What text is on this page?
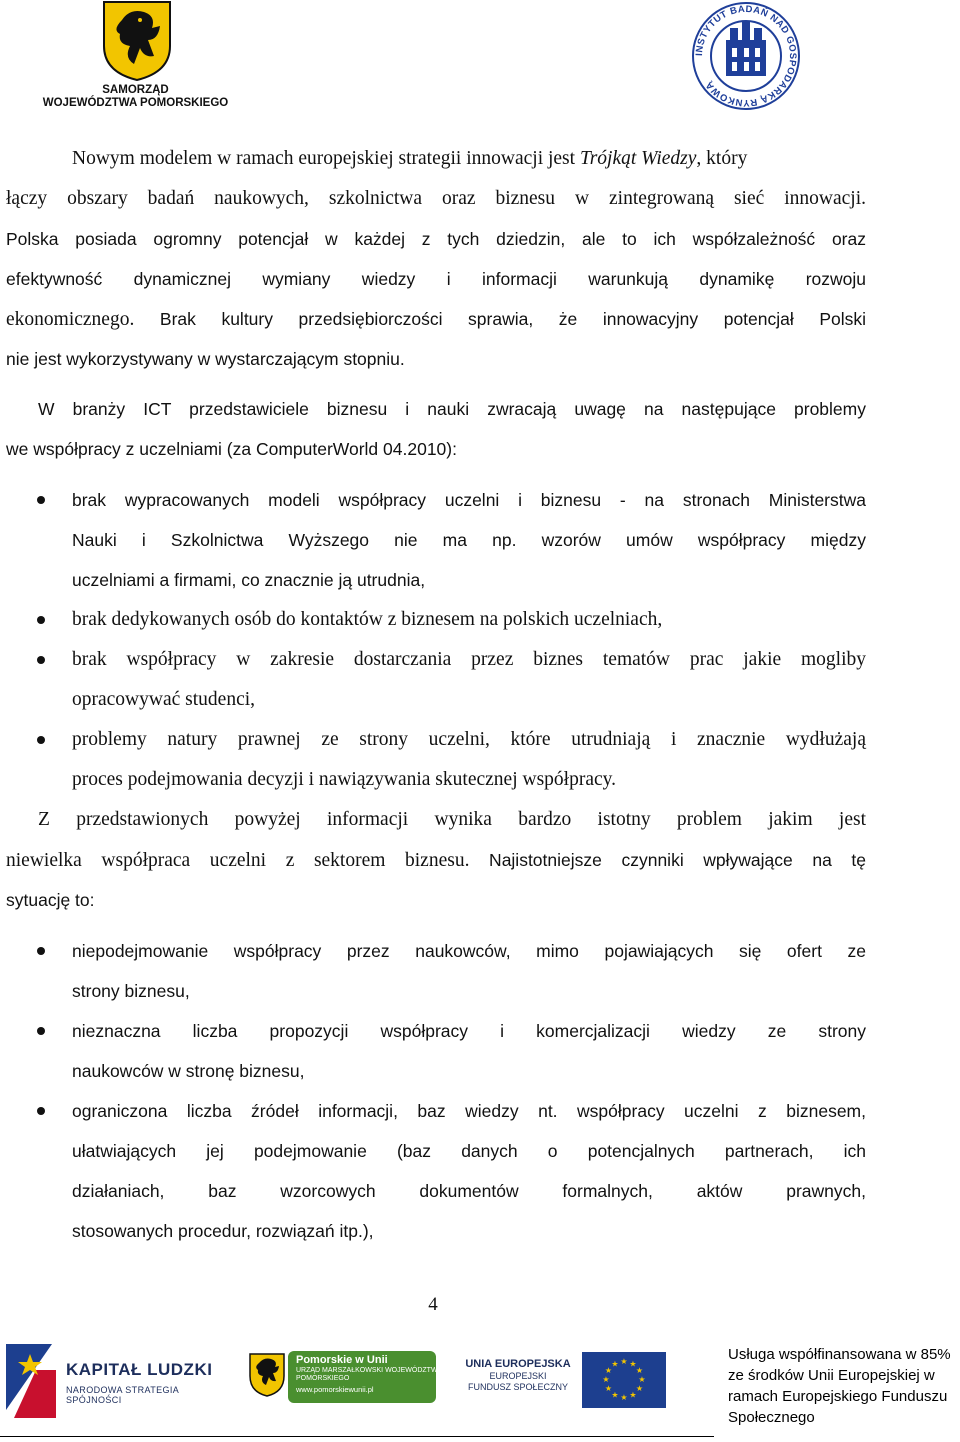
SAMORZĄD
WOJEWÓDZTWA POMORSKIEGO
INSTYTUT BADAŃ NAD GOSPODARKĄ RYNKOWĄ
Nowym modelem w ramach europejskiej strategii innowacji jest Trójkąt Wiedzy, który
łączy obszary badań naukowych, szkolnictwa oraz biznesu w zintegrowaną sieć innowacji.
Polska posiada ogromny potencjał w każdej z tych dziedzin, ale to ich współzależność oraz
efektywność dynamicznej wymiany wiedzy i informacji warunkują dynamikę rozwoju
ekonomicznego. Brak kultury przedsiębiorczości sprawia, że innowacyjny potencjał Polski
nie jest wykorzystywany w wystarczającym stopniu.
W branży ICT przedstawiciele biznesu i nauki zwracają uwagę na następujące problemy
we współpracy z uczelniami (za ComputerWorld 04.2010):
brak wypracowanych modeli współpracy uczelni i biznesu - na stronach Ministerstwa
Nauki i Szkolnictwa Wyższego nie ma np. wzorów umów współpracy między
uczelniami a firmami, co znacznie ją utrudnia,
brak dedykowanych osób do kontaktów z biznesem na polskich uczelniach,
brak współpracy w zakresie dostarczania przez biznes tematów prac jakie mogliby
opracowywać studenci,
problemy natury prawnej ze strony uczelni, które utrudniają i znacznie wydłużają
proces podejmowania decyzji i nawiązywania skutecznej współpracy.
Z przedstawionych powyżej informacji wynika bardzo istotny problem jakim jest
niewielka współpraca uczelni z sektorem biznesu. Najistotniejsze czynniki wpływające na tę
sytuację to:
niepodejmowanie współpracy przez naukowców, mimo pojawiających się ofert ze
strony biznesu,
nieznaczna liczba propozycji współpracy i komercjalizacji wiedzy ze strony
naukowców w stronę biznesu,
ograniczona liczba źródeł informacji, baz wiedzy nt. współpracy uczelni z biznesem,
ułatwiających jej podejmowanie (baz danych o potencjalnych partnerach, ich
działaniach, baz wzorcowych dokumentów formalnych, aktów prawnych,
stosowanych procedur, rozwiązań itp.),
4
KAPITAŁ LUDZKI
NARODOWA STRATEGIA SPÓJNOŚCI
Pomorskie w Unii
URZĄD MARSZAŁKOWSKI WOJEWÓDZTWA POMORSKIEGO
www.pomorskiewunii.pl
UNIA EUROPEJSKA
EUROPEJSKI
FUNDUSZ SPOŁECZNY
★ ★
★
★
★
★
★
★
★
★
★
★
Usługa współfinansowana w 85%
ze środków Unii Europejskiej w
ramach Europejskiego Funduszu
Społecznego
